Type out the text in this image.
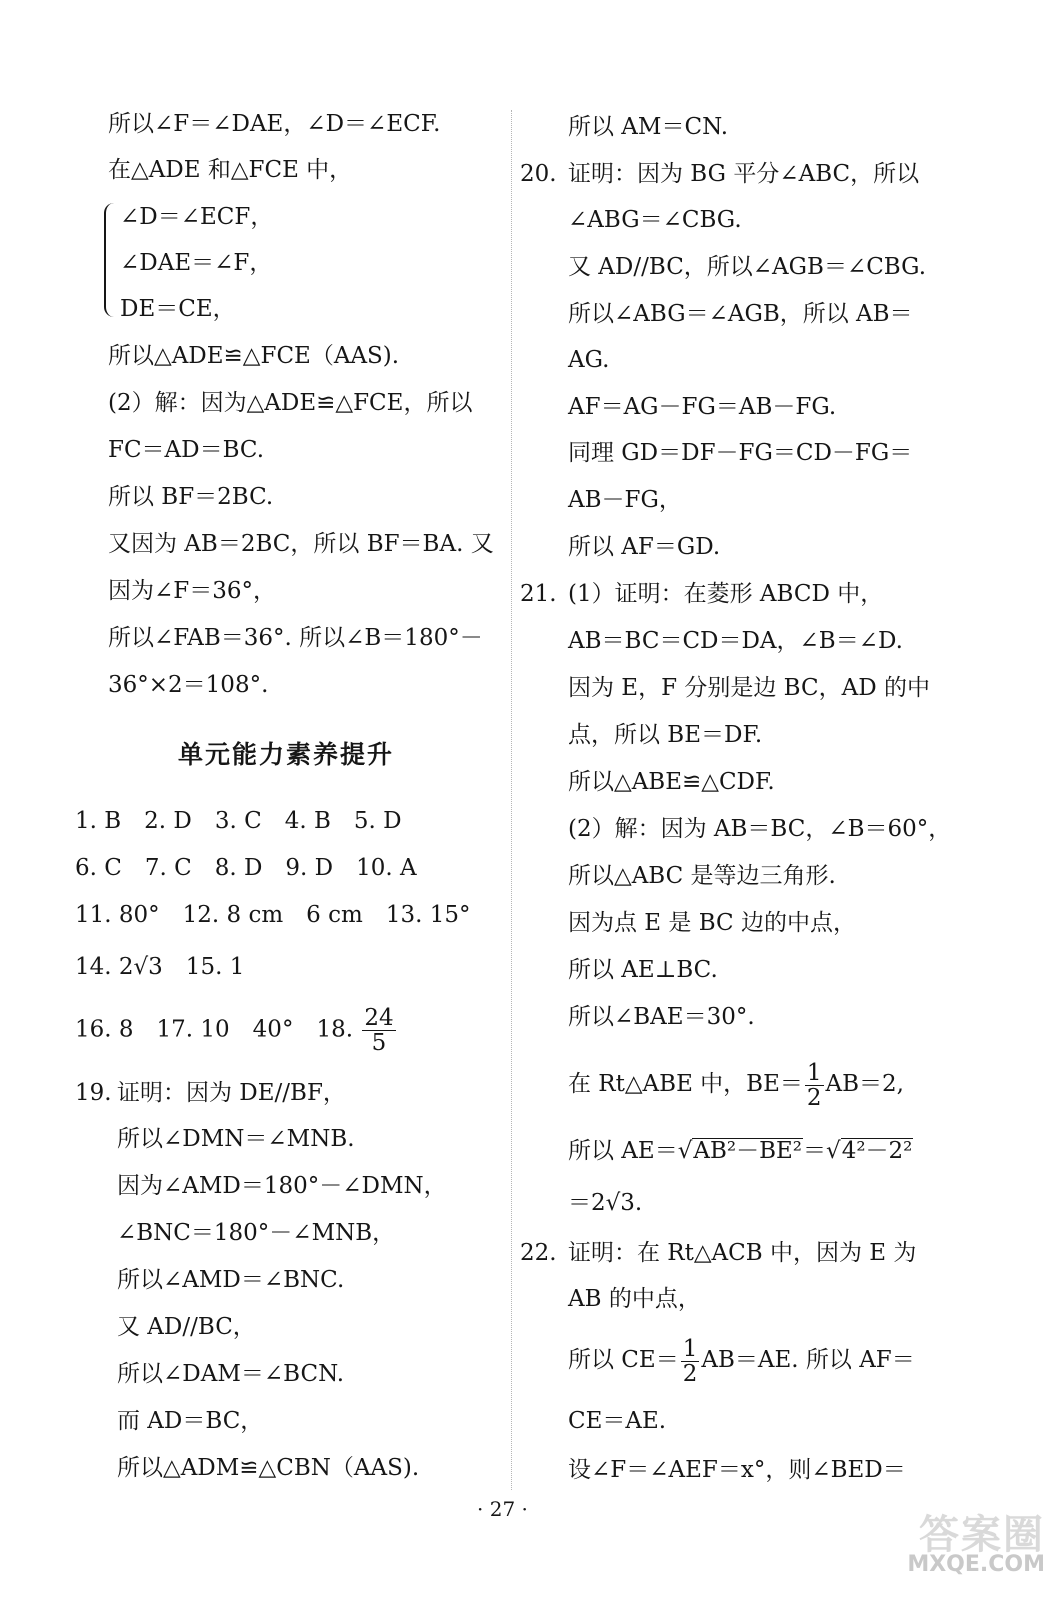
所以∠F＝∠DAE，∠D＝∠ECF.
在△ADE 和△FCE 中，
∠D＝∠ECF，
∠DAE＝∠F，
DE＝CE，
所以△ADE≌△FCE（AAS).
(2）解：因为△ADE≌△FCE，所以
FC＝AD＝BC.
所以 BF＝2BC.
又因为 AB＝2BC，所以 BF＝BA. 又
因为∠F＝36°，
所以∠FAB＝36°. 所以∠B＝180°－
36°×2＝108°.
单元能力素养提升
1. B　2. D　3. C　4. B　5. D
6. C　7. C　8. D　9. D　10. A
11. 80°　12. 8 cm　6 cm　13. 15°
14. 2√3　15. 1
16. 8　17. 10　40°　18. $\frac{24}{5}$
19. 证明：因为 DE//BF，
所以∠DMN＝∠MNB.
因为∠AMD＝180°－∠DMN，
∠BNC＝180°－∠MNB，
所以∠AMD＝∠BNC.
又 AD//BC，
所以∠DAM＝∠BCN.
而 AD＝BC，
所以△ADM≌△CBN（AAS).
所以 AM＝CN.
20. 证明：因为 BG 平分∠ABC，所以
∠ABG＝∠CBG.
又 AD//BC，所以∠AGB＝∠CBG.
所以∠ABG＝∠AGB，所以 AB＝
AG.
AF＝AG－FG＝AB－FG.
同理 GD＝DF－FG＝CD－FG＝
AB－FG，
所以 AF＝GD.
21. (1）证明：在菱形 ABCD 中，
AB＝BC＝CD＝DA，∠B＝∠D.
因为 E，F 分别是边 BC，AD 的中
点，所以 BE＝DF.
所以△ABE≌△CDF.
(2）解：因为 AB＝BC，∠B＝60°，
所以△ABC 是等边三角形.
因为点 E 是 BC 边的中点，
所以 AE⊥BC.
所以∠BAE＝30°.
在 Rt△ABE 中，$BE= \frac{1}{2} AB=2$,
所以 AE＝√AB²－BE²＝√4²－2²
＝2√3.
22. 证明：在 Rt△ACB 中，因为 E 为
AB 的中点，
所以 $CE= \frac{1}{2} AB=AE$. 所以 AF＝
CE＝AE.
设∠F＝∠AEF＝x°，则∠BED＝
· 27 ·
答案圈
MXQE.COM
